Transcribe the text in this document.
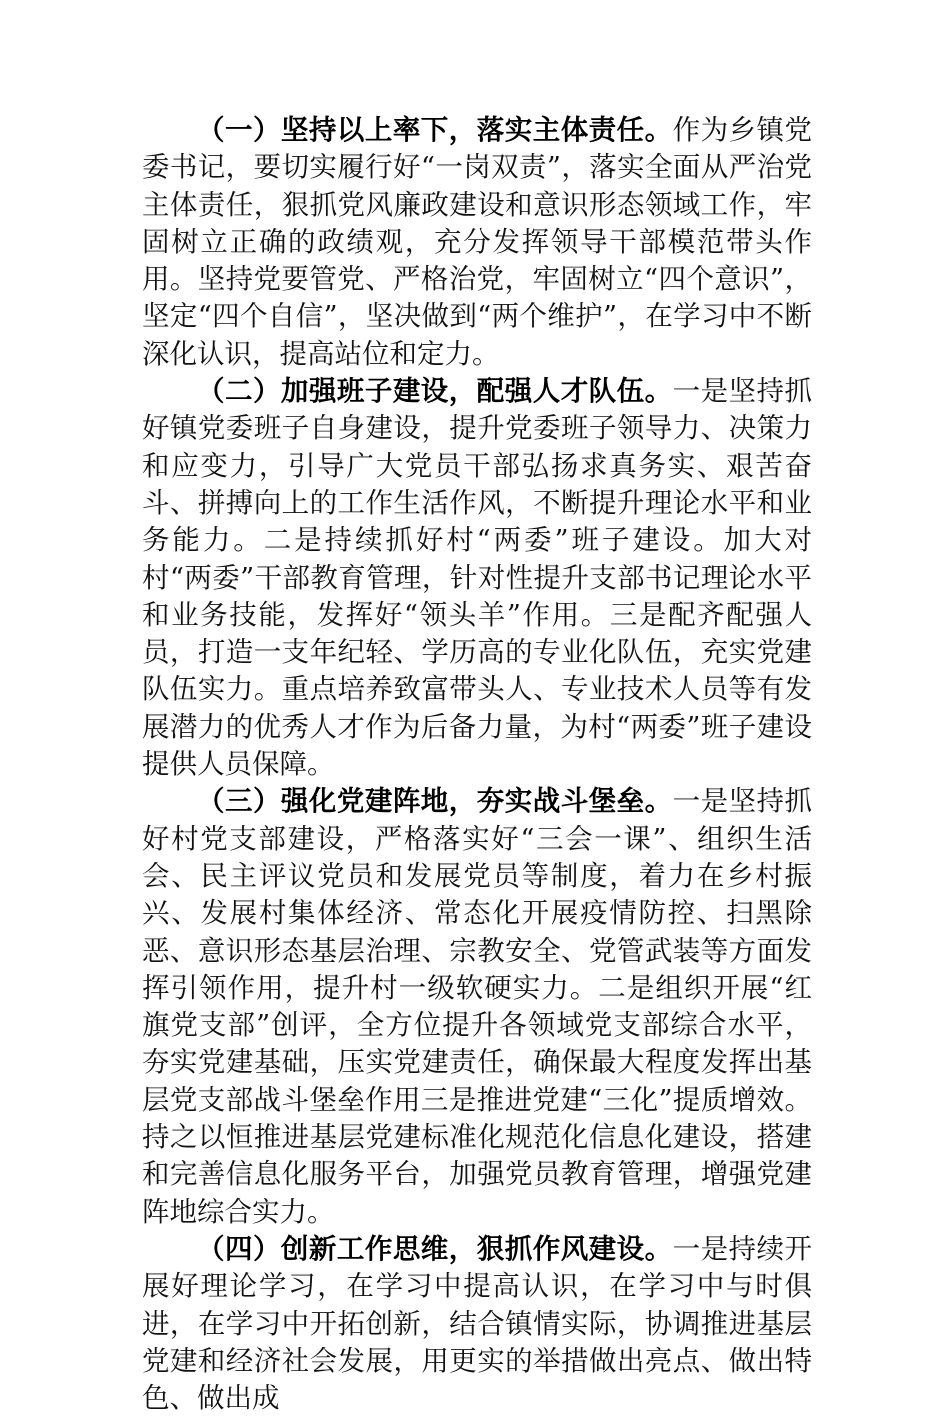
（一）坚持以上率下，落实主体责任。作为乡镇党委书记，要切实履行好“一岗双责”，落实全面从严治党主体责任，狠抓党风廉政建设和意识形态领域工作，牢固树立正确的政绩观，充分发挥领导干部模范带头作用。坚持党要管党、严格治党，牢固树立“四个意识”，坚定“四个自信”，坚决做到“两个维护”，在学习中不断深化认识，提高站位和定力。

（二）加强班子建设，配强人才队伍。一是坚持抓好镇党委班子自身建设，提升党委班子领导力、决策力和应变力，引导广大党员干部弘扬求真务实、艰苦奋斗、拼搏向上的工作生活作风，不断提升理论水平和业务能力。二是持续抓好村“两委”班子建设。加大对村“两委”干部教育管理，针对性提升支部书记理论水平和业务技能，发挥好“领头羊”作用。三是配齐配强人员，打造一支年纪轻、学历高的专业化队伍，充实党建队伍实力。重点培养致富带头人、专业技术人员等有发展潜力的优秀人才作为后备力量，为村“两委”班子建设提供人员保障。

（三）强化党建阵地，夯实战斗堡垒。一是坚持抓好村党支部建设，严格落实好“三会一课”、组织生活会、民主评议党员和发展党员等制度，着力在乡村振兴、发展村集体经济、常态化开展疫情防控、扫黑除恶、意识形态基层治理、宗教安全、党管武装等方面发挥引领作用，提升村一级软硬实力。二是组织开展“红旗党支部”创评，全方位提升各领域党支部综合水平，夯实党建基础，压实党建责任，确保最大程度发挥出基层党支部战斗堡垒作用三是推进党建“三化”提质增效。持之以恒推进基层党建标准化规范化信息化建设，搭建和完善信息化服务平台，加强党员教育管理，增强党建阵地综合实力。

（四）创新工作思维，狠抓作风建设。一是持续开展好理论学习，在学习中提高认识，在学习中与时俱进，在学习中开拓创新，结合镇情实际，协调推进基层党建和经济社会发展，用更实的举措做出亮点、做出特色、做出成
